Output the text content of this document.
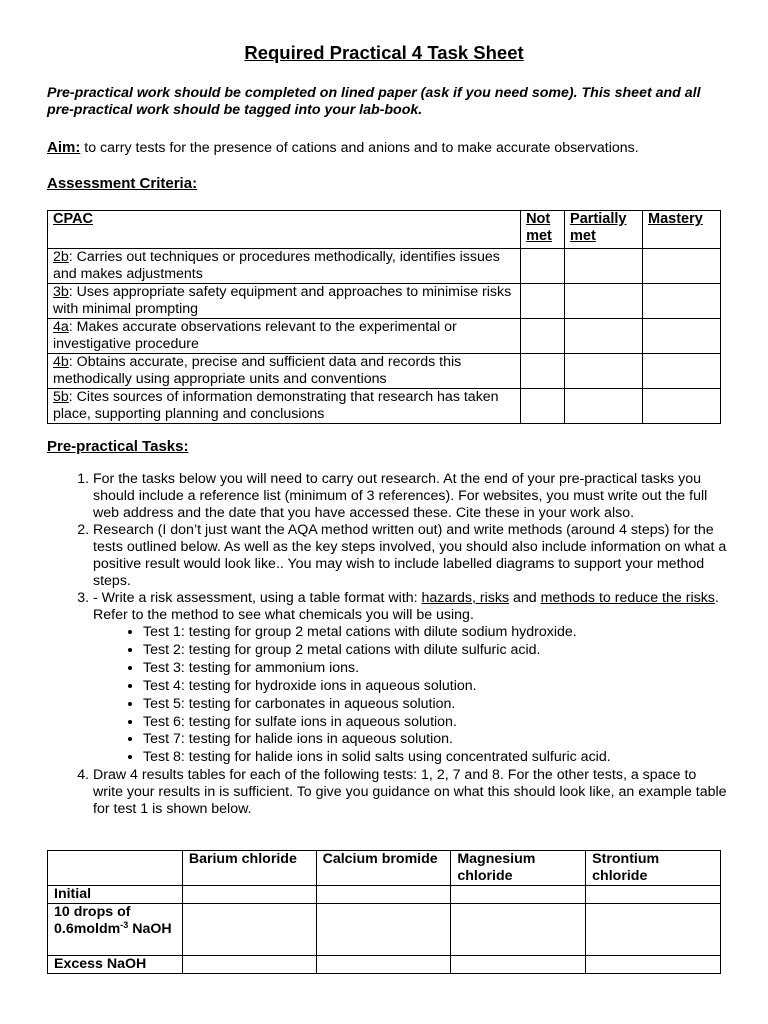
Required Practical 4 Task Sheet
Pre-practical work should be completed on lined paper (ask if you need some). This sheet and all pre-practical work should be tagged into your lab-book.
Aim: to carry tests for the presence of cations and anions and to make accurate observations.
Assessment Criteria:
CPAC	Not met	Partially met	Mastery
2b: Carries out techniques or procedures methodically, identifies issues and makes adjustments			
3b: Uses appropriate safety equipment and approaches to minimise risks with minimal prompting			
4a: Makes accurate observations relevant to the experimental or investigative procedure			
4b: Obtains accurate, precise and sufficient data and records this methodically using appropriate units and conventions			
5b: Cites sources of information demonstrating that research has taken place, supporting planning and conclusions			
Pre-practical Tasks:
1. For the tasks below you will need to carry out research. At the end of your pre-practical tasks you should include a reference list (minimum of 3 references). For websites, you must write out the full web address and the date that you have accessed these. Cite these in your work also.
2. Research (I don’t just want the AQA method written out) and write methods (around 4 steps) for the tests outlined below. As well as the key steps involved, you should also include information on what a positive result would look like.. You may wish to include labelled diagrams to support your method steps.
3. - Write a risk assessment, using a table format with: hazards, risks and methods to reduce the risks. Refer to the method to see what chemicals you will be using.
• Test 1: testing for group 2 metal cations with dilute sodium hydroxide.
• Test 2: testing for group 2 metal cations with dilute sulfuric acid.
• Test 3: testing for ammonium ions.
• Test 4: testing for hydroxide ions in aqueous solution.
• Test 5: testing for carbonates in aqueous solution.
• Test 6: testing for sulfate ions in aqueous solution.
• Test 7: testing for halide ions in aqueous solution.
• Test 8: testing for halide ions in solid salts using concentrated sulfuric acid.
4. Draw 4 results tables for each of the following tests: 1, 2, 7 and 8. For the other tests, a space to write your results in is sufficient. To give you guidance on what this should look like, an example table for test 1 is shown below.
	Barium chloride	Calcium bromide	Magnesium chloride	Strontium chloride
Initial				
10 drops of 0.6moldm$^{-3}$ NaOH				
Excess NaOH				
